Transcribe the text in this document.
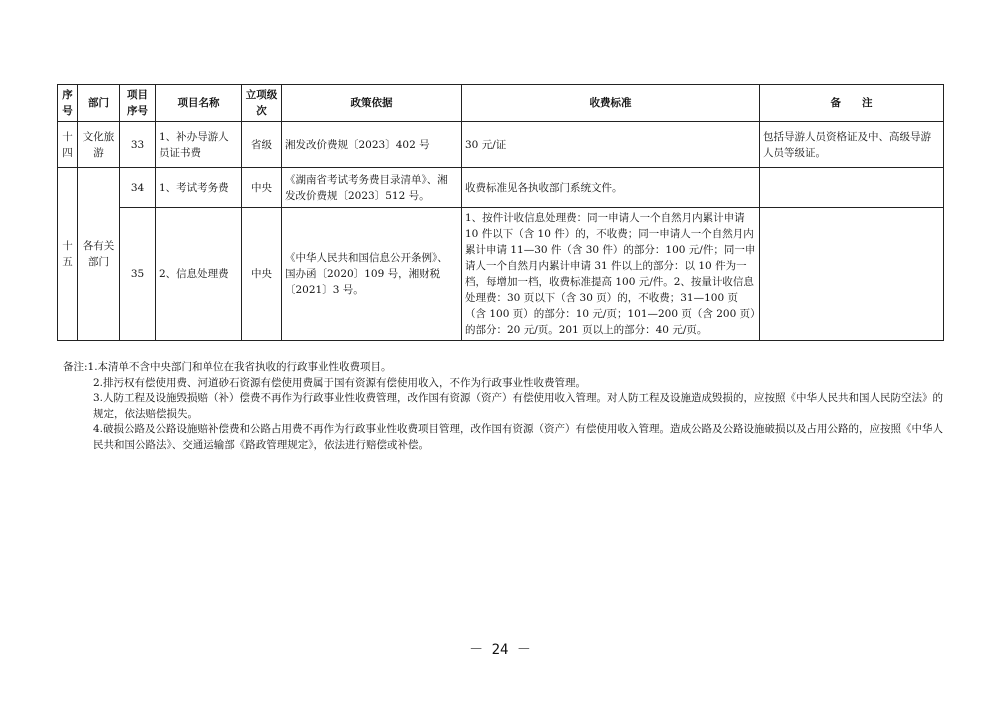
序号	部门	项目序号	项目名称	立项级次	政策依据	收费标准	备　　注
十四	文化旅游	33	1、补办导游人员证书费	省级	湘发改价费规〔2023〕402 号	30 元/证	包括导游人员资格证及中、高级导游人员等级证。
十五	各有关部门	34	1、考试考务费	中央	《湖南省考试考务费目录清单》、湘发改价费规〔2023〕512 号。	收费标准见各执收部门系统文件。	
		35	2、信息处理费	中央	《中华人民共和国信息公开条例》、国办函〔2020〕109 号，湘财税〔2021〕3 号。	1、按件计收信息处理费：同一申请人一个自然月内累计申请 10 件以下（含 10 件）的，不收费；同一申请人一个自然月内累计申请 11—30 件（含 30 件）的部分：100 元/件；同一申请人一个自然月内累计申请 31 件以上的部分：以 10 件为一档，每增加一档，收费标准提高 100 元/件。2、按量计收信息处理费：30 页以下（含 30 页）的，不收费；31—100 页（含 100 页）的部分：10 元/页；101—200 页（含 200 页）的部分：20 元/页。201 页以上的部分：40 元/页。	

备注:1.本清单不含中央部门和单位在我省执收的行政事业性收费项目。

2.排污权有偿使用费、河道砂石资源有偿使用费属于国有资源有偿使用收入，不作为行政事业性收费管理。

3.人防工程及设施毁损赔（补）偿费不再作为行政事业性收费管理，改作国有资源（资产）有偿使用收入管理。对人防工程及设施造成毁损的，应按照《中华人民共和国人民防空法》的规定，依法赔偿损失。

4.破损公路及公路设施赔补偿费和公路占用费不再作为行政事业性收费项目管理，改作国有资源（资产）有偿使用收入管理。造成公路及公路设施破损以及占用公路的，应按照《中华人民共和国公路法》、交通运输部《路政管理规定》，依法进行赔偿或补偿。

－ 24 －
